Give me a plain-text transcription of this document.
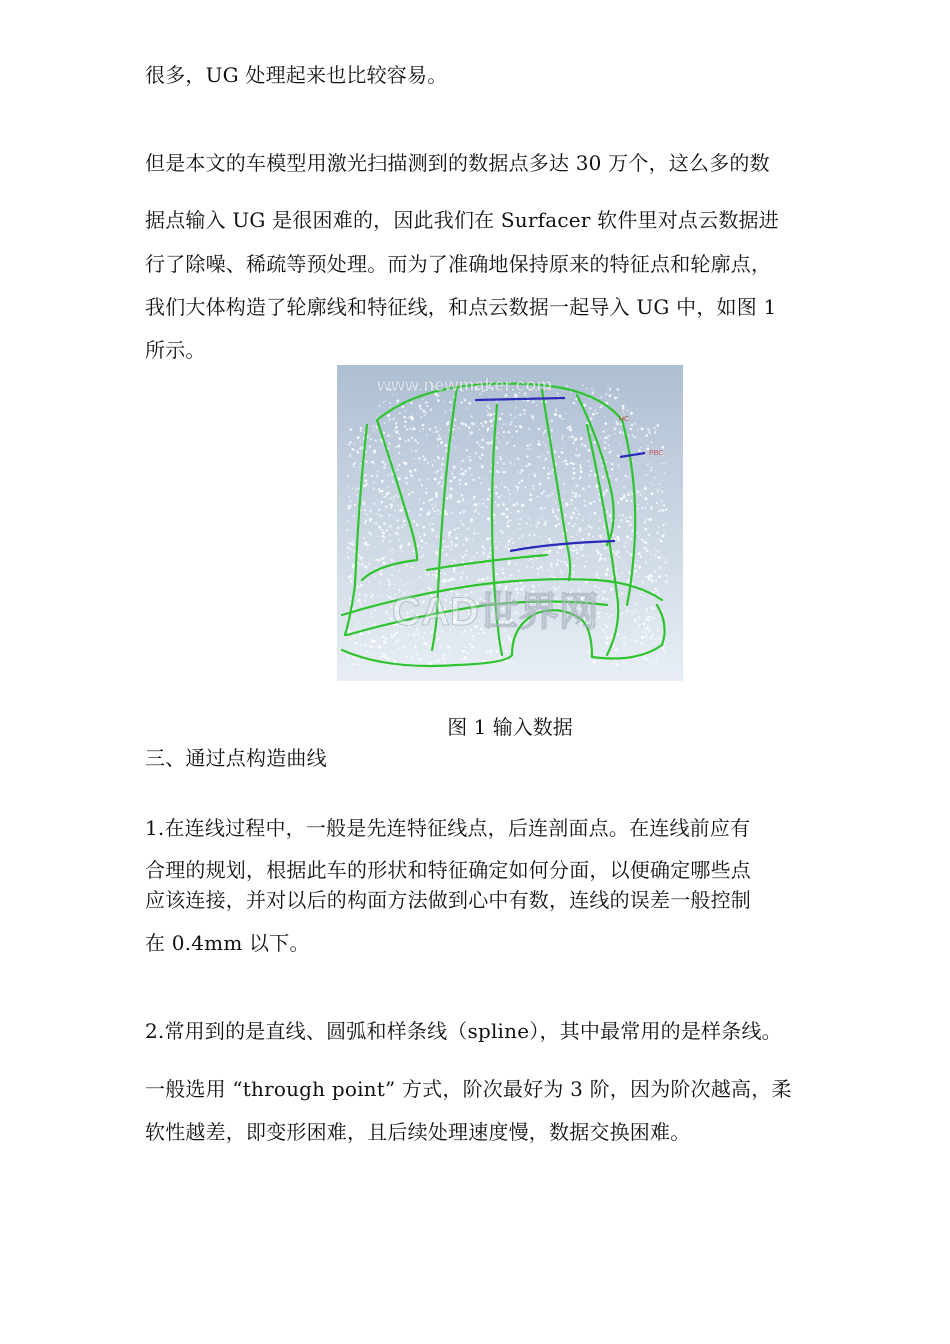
很多，UG 处理起来也比较容易。
但是本文的车模型用激光扫描测到的数据点多达 30 万个，这么多的数
据点输入 UG 是很困难的，因此我们在 Surfacer 软件里对点云数据进
行了除噪、稀疏等预处理。而为了准确地保持原来的特征点和轮廓点，
我们大体构造了轮廓线和特征线，和点云数据一起导入 UG 中，如图 1
所示。
www.newmaker.com
CAD世界网
HC
PBC
图 1 输入数据
三、通过点构造曲线
1.在连线过程中，一般是先连特征线点，后连剖面点。在连线前应有
合理的规划，根据此车的形状和特征确定如何分面，以便确定哪些点
应该连接，并对以后的构面方法做到心中有数，连线的误差一般控制
在 0.4mm 以下。
2.常用到的是直线、圆弧和样条线（spline），其中最常用的是样条线。
一般选用 “through point” 方式，阶次最好为 3 阶，因为阶次越高，柔
软性越差，即变形困难，且后续处理速度慢，数据交换困难。
